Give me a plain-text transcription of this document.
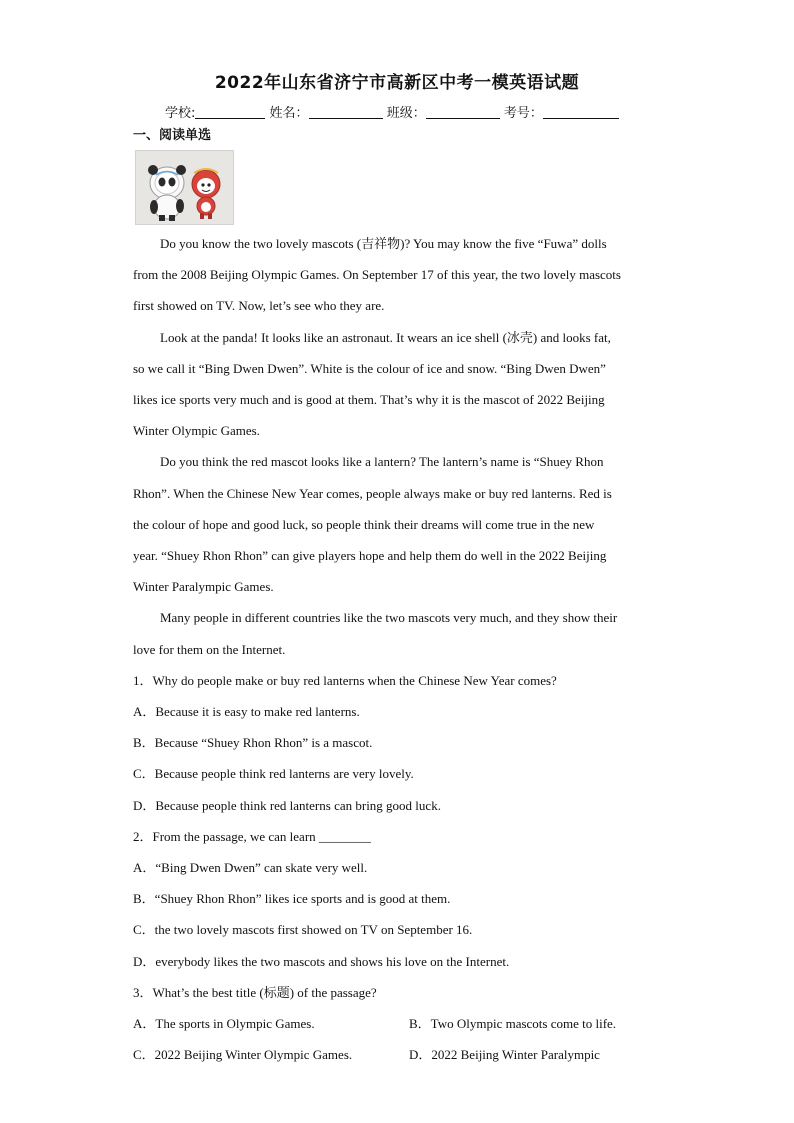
2022年山东省济宁市高新区中考一模英语试题
学校:	姓名：	班级：	考号：
一、阅读单选
Do you know the two lovely mascots (吉祥物)? You may know the five “Fuwa” dolls
from the 2008 Beijing Olympic Games. On September 17 of this year, the two lovely mascots
first showed on TV. Now, let’s see who they are.
Look at the panda! It looks like an astronaut. It wears an ice shell (冰壳) and looks fat,
so we call it “Bing Dwen Dwen”. White is the colour of ice and snow. “Bing Dwen Dwen”
likes ice sports very much and is good at them. That’s why it is the mascot of 2022 Beijing
Winter Olympic Games.
Do you think the red mascot looks like a lantern? The lantern’s name is “Shuey Rhon
Rhon”. When the Chinese New Year comes, people always make or buy red lanterns. Red is
the colour of hope and good luck, so people think their dreams will come true in the new
year. “Shuey Rhon Rhon” can give players hope and help them do well in the 2022 Beijing
Winter Paralympic Games.
Many people in different countries like the two mascots very much, and they show their
love for them on the Internet.
1．Why do people make or buy red lanterns when the Chinese New Year comes?
A．Because it is easy to make red lanterns.
B．Because “Shuey Rhon Rhon” is a mascot.
C．Because people think red lanterns are very lovely.
D．Because people think red lanterns can bring good luck.
2．From the passage, we can learn ________
A．“Bing Dwen Dwen” can skate very well.
B．“Shuey Rhon Rhon” likes ice sports and is good at them.
C．the two lovely mascots first showed on TV on September 16.
D．everybody likes the two mascots and shows his love on the Internet.
3．What’s the best title (标题) of the passage?
A．The sports in Olympic Games.	B．Two Olympic mascots come to life.
C．2022 Beijing Winter Olympic Games.	D．2022 Beijing Winter Paralympic
